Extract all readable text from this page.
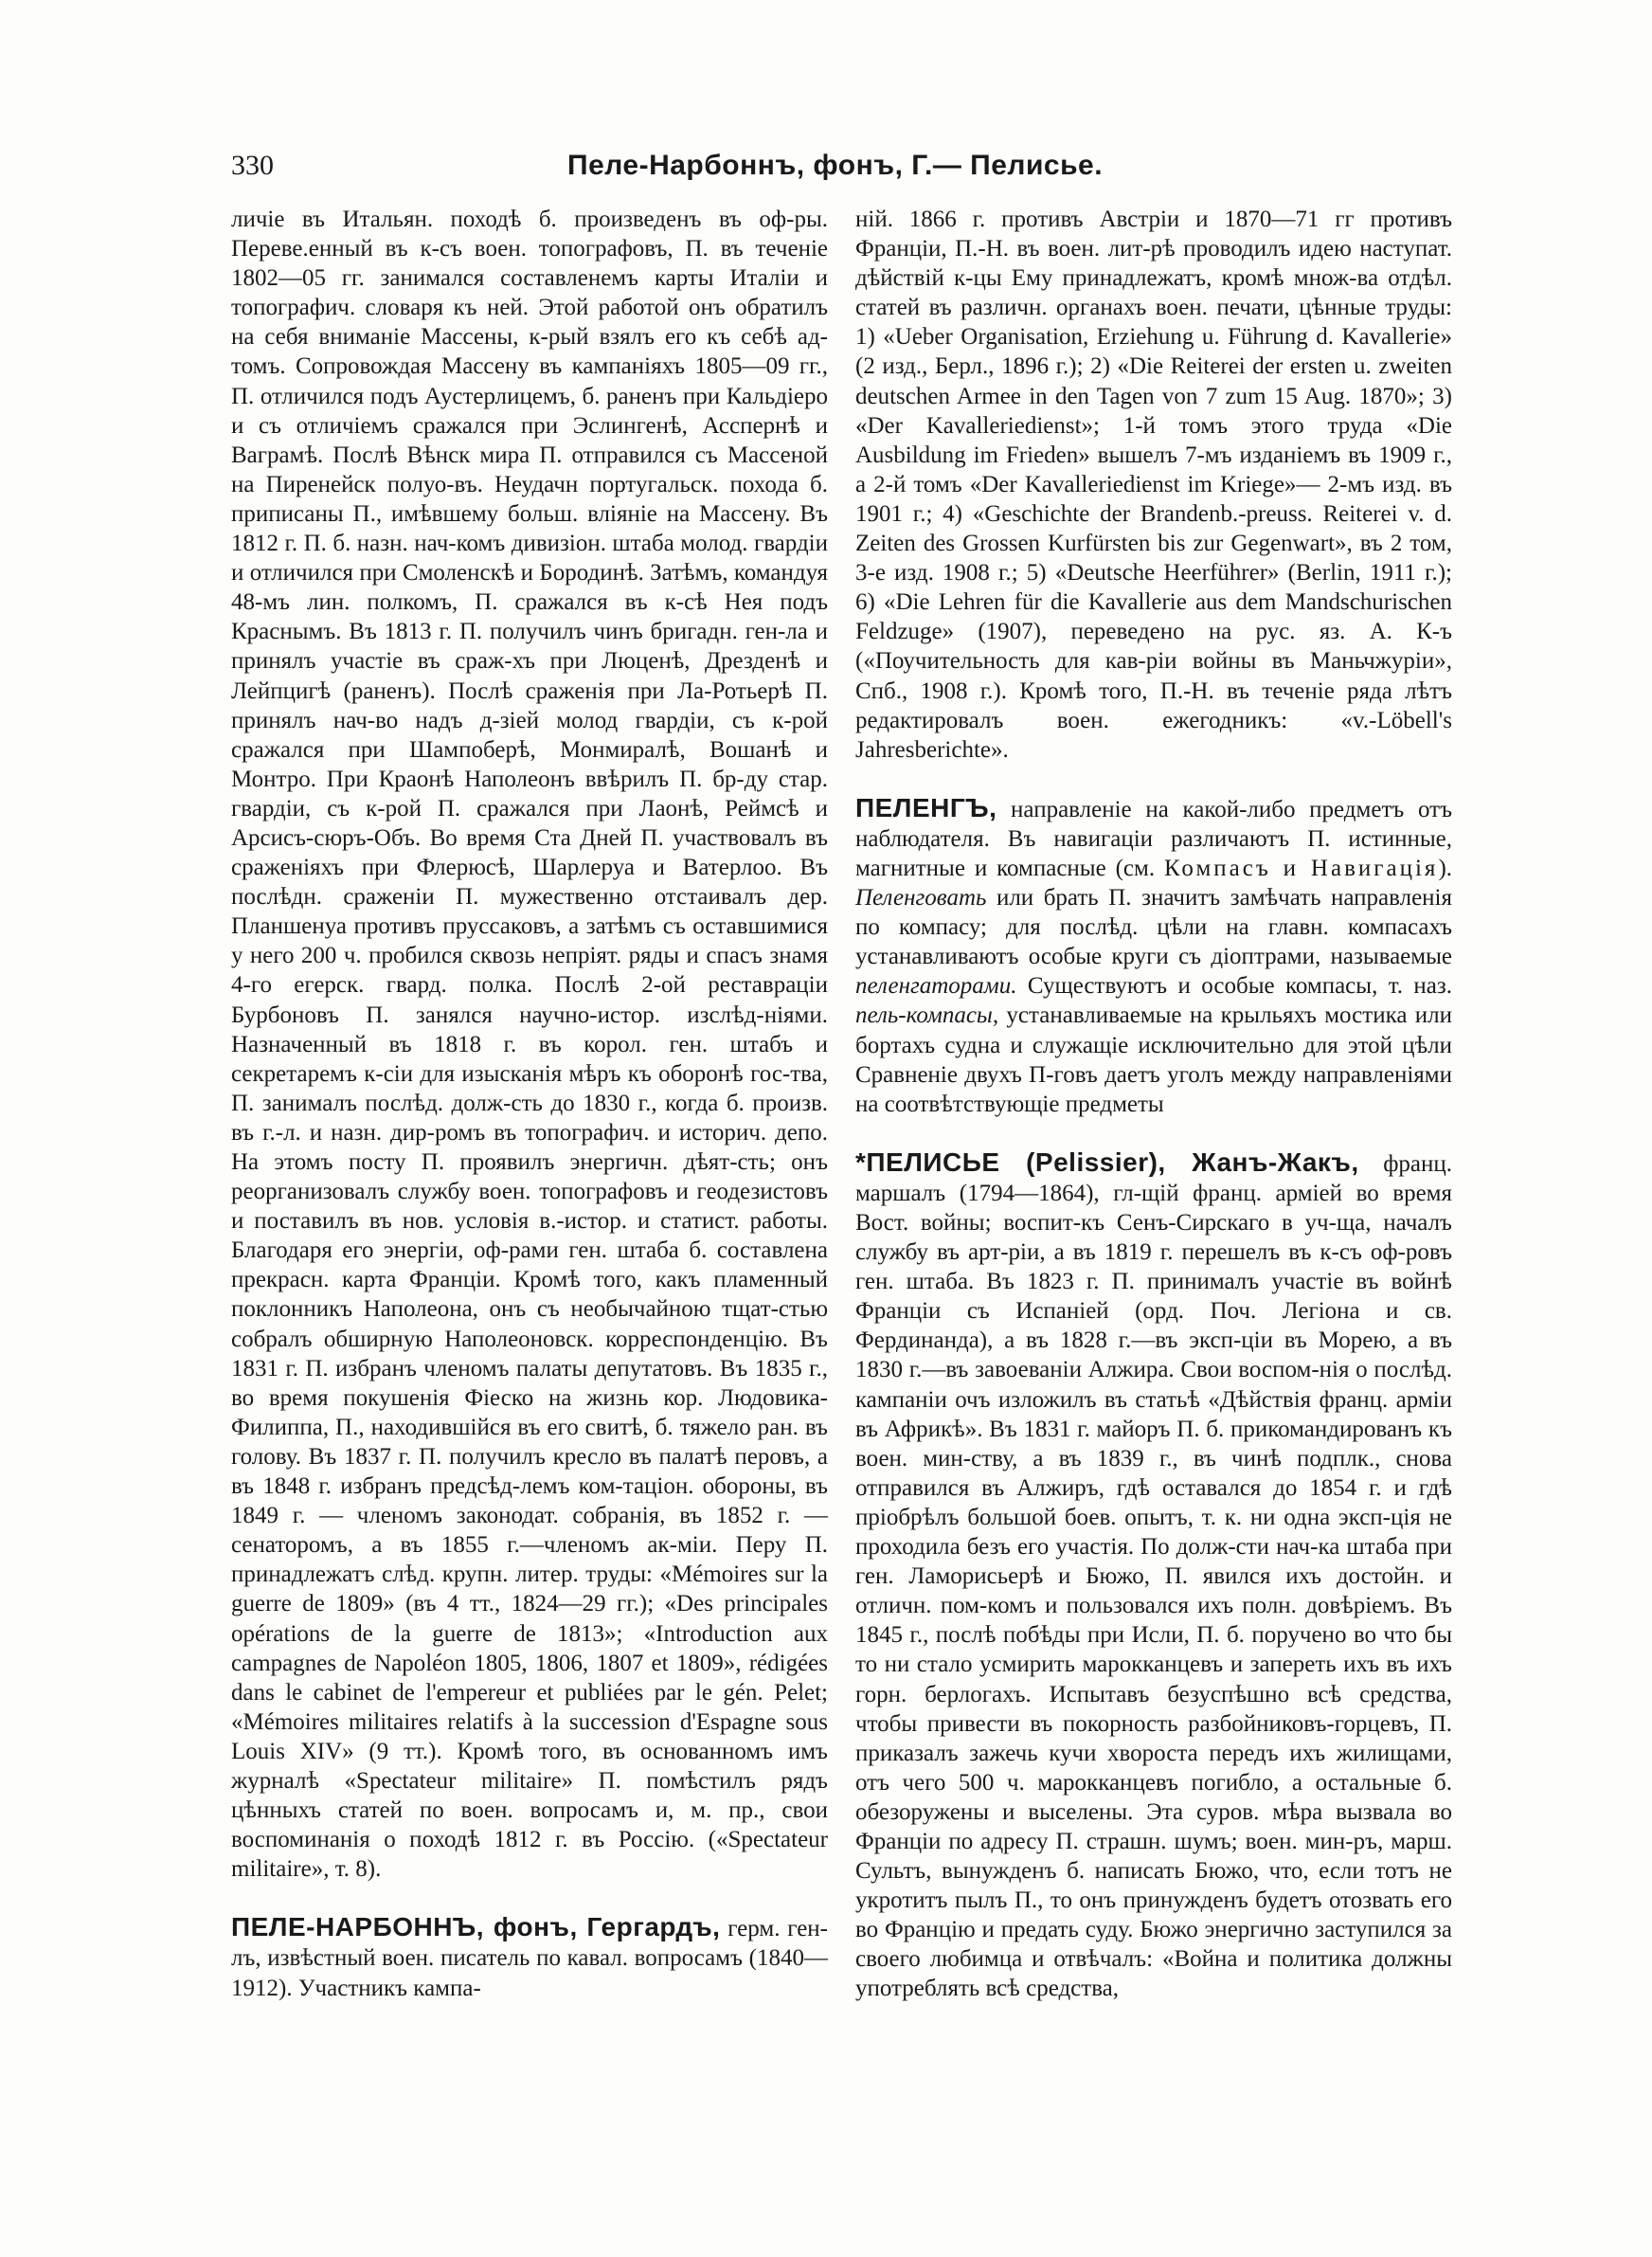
330	Пеле-Нарбоннъ, фонъ, Г.— Пелисье.

личіе въ Итальян. походѣ б. произведенъ въ оф-ры. Переве.енный въ к-съ воен. топографовъ, П. въ теченіе 1802—05 гг. занимался составленемъ карты Италіи и топографич. словаря къ ней. Этой работой онъ обратилъ на себя вниманіе Массены, к-рый взялъ его къ себѣ ад-томъ. Сопровождая Массену въ кампаніяхъ 1805—09 гг., П. отличился подъ Аустерлицемъ, б. раненъ при Кальдіеро и съ отличіемъ сражался при Эслингенѣ, Асспернѣ и Ваграмѣ. Послѣ Вѣнск мира П. отправился съ Массеной на Пиренейск полуо-въ. Неудачн португальск. похода б. приписаны П., имѣвшему больш. вліяніе на Массену. Въ 1812 г. П. б. назн. нач-комъ дивизіон. штаба молод. гвардіи и отличился при Смоленскѣ и Бородинѣ. Затѣмъ, командуя 48-мъ лин. полкомъ, П. сражался въ к-сѣ Нея подъ Краснымъ. Въ 1813 г. П. получилъ чинъ бригадн. ген-ла и принялъ участіе въ сраж-хъ при Люценѣ, Дрезденѣ и Лейпцигѣ (раненъ). Послѣ сраженія при Ла-Ротьерѣ П. принялъ нач-во надъ д-зіей молод гвардіи, съ к-рой сражался при Шампоберѣ, Монмиралѣ, Вошанѣ и Монтро. При Краонѣ Наполеонъ ввѣрилъ П. бр-ду стар. гвардіи, съ к-рой П. сражался при Лаонѣ, Реймсѣ и Арсисъ-сюръ-Объ. Во время Ста Дней П. участвовалъ въ сраженіяхъ при Флерюсѣ, Шарлеруа и Ватерлоо. Въ послѣдн. сраженіи П. мужественно отстаивалъ дер. Планшенуа противъ пруссаковъ, а затѣмъ съ оставшимися у него 200 ч. пробился сквозь непріят. ряды и спасъ знамя 4-го егерск. гвард. полка. Послѣ 2-ой реставраціи Бурбоновъ П. занялся научно-истор. изслѣд-ніями. Назначенный въ 1818 г. въ корол. ген. штабъ и секретаремъ к-сіи для изысканія мѣръ къ оборонѣ гос-тва, П. занималъ послѣд. долж-сть до 1830 г., когда б. произв. въ г.-л. и назн. дир-ромъ въ топографич. и историч. депо. На этомъ посту П. проявилъ энергичн. дѣят-сть; онъ реорганизовалъ службу воен. топографовъ и геодезистовъ и поставилъ въ нов. условія в.-истор. и статист. работы. Благодаря его энергіи, оф-рами ген. штаба б. составлена прекрасн. карта Франціи. Кромѣ того, какъ пламенный поклонникъ Наполеона, онъ съ необычайною тщат-стью собралъ обширную Наполеоновск. корреспонденцію. Въ 1831 г. П. избранъ членомъ палаты депутатовъ. Въ 1835 г., во время покушенія Фіеско на жизнь кор. Людовика-Филиппа, П., находившійся въ его свитѣ, б. тяжело ран. въ голову. Въ 1837 г. П. получилъ кресло въ палатѣ перовъ, а въ 1848 г. избранъ предсѣд-лемъ ком-таціон. обороны, въ 1849 г. — членомъ законодат. собранія, въ 1852 г. — сенаторомъ, а въ 1855 г.—членомъ ак-міи. Перу П. принадлежатъ слѣд. крупн. литер. труды: «Mémoires sur la guerre de 1809» (въ 4 тт., 1824—29 гг.); «Des principales opérations de la guerre de 1813»; «Introduction aux campagnes de Napoléon 1805, 1806, 1807 et 1809», rédigées dans le cabinet de l'empereur et publiées par le gén. Pelet; «Mémoires militaires relatifs à la succession d'Espagne sous Louis XIV» (9 тт.). Кромѣ того, въ основанномъ имъ журналѣ «Spectateur militaire» П. помѣстилъ рядъ цѣнныхъ статей по воен. вопросамъ и, м. пр., свои воспоминанія о походѣ 1812 г. въ Россію. («Spectateur militaire», т. 8).

ПЕЛЕ-НАРБОННЪ, фонъ, Гергардъ, герм. ген-лъ, извѣстный воен. писатель по кавал. вопросамъ (1840—1912). Участникъ кампа-

ній. 1866 г. противъ Австріи и 1870—71 гг противъ Франціи, П.-Н. въ воен. лит-рѣ проводилъ идею наступат. дѣйствій к-цы Ему принадлежатъ, кромѣ множ-ва отдѣл. статей въ различн. органахъ воен. печати, цѣнные труды: 1) «Ueber Organisation, Erziehung u. Führung d. Kavallerie» (2 изд., Берл., 1896 г.); 2) «Die Reiterei der ersten u. zweiten deutschen Armee in den Tagen von 7 zum 15 Aug. 1870»; 3) «Der Kavalleriedienst»; 1-й томъ этого труда «Die Ausbildung im Frieden» вышелъ 7-мъ изданіемъ въ 1909 г., а 2-й томъ «Der Kavalleriedienst im Kriege»— 2-мъ изд. въ 1901 г.; 4) «Geschichte der Brandenb.-preuss. Reiterei v. d. Zeiten des Grossen Kurfürsten bis zur Gegenwart», въ 2 том, 3-е изд. 1908 г.; 5) «Deutsche Heerführer» (Berlin, 1911 г.); 6) «Die Lehren für die Kavallerie aus dem Mandschurischen Feldzuge» (1907), переведено на рус. яз. А. К-ъ («Поучительность для кав-ріи войны въ Маньчжуріи», Спб., 1908 г.). Кромѣ того, П.-Н. въ теченіе ряда лѣтъ редактировалъ воен. ежегодникъ: «v.-Löbell's Jahresberichte».

ПЕЛЕНГЪ, направленіе на какой-либо предметъ отъ наблюдателя. Въ навигаціи различаютъ П. истинные, магнитные и компасные (см. Компасъ и Навигація). Пеленговать или брать П. значитъ замѣчать направленія по компасу; для послѣд. цѣли на главн. компасахъ устанавливаютъ особые круги съ діоптрами, называемые пеленгаторами. Существуютъ и особые компасы, т. наз. пель-компасы, устанавливаемые на крыльяхъ мостика или бортахъ судна и служащіе исключительно для этой цѣли Сравненіе двухъ П-говъ даетъ уголъ между направленіями на соотвѣтствующіе предметы

*ПЕЛИСЬЕ (Pelissier), Жанъ-Жакъ, франц. маршалъ (1794—1864), гл-щій франц. арміей во время Вост. войны; воспит-къ Сенъ-Сирскаго в уч-ща, началъ службу въ арт-ріи, а въ 1819 г. перешелъ въ к-съ оф-ровъ ген. штаба. Въ 1823 г. П. принималъ участіе въ войнѣ Франціи съ Испаніей (орд. Поч. Легіона и св. Фердинанда), а въ 1828 г.—въ эксп-ціи въ Морею, а въ 1830 г.—въ завоеваніи Алжира. Свои воспом-нія о послѣд. кампаніи очъ изложилъ въ статьѣ «Дѣйствія франц. арміи въ Африкѣ». Въ 1831 г. майоръ П. б. прикомандированъ къ воен. мин-ству, а въ 1839 г., въ чинѣ подплк., снова отправился въ Алжиръ, гдѣ оставался до 1854 г. и гдѣ пріобрѣлъ большой боев. опытъ, т. к. ни одна эксп-ція не проходила безъ его участія. По долж-сти нач-ка штаба при ген. Ламорисьерѣ и Бюжо, П. явился ихъ достойн. и отличн. пом-комъ и пользовался ихъ полн. довѣріемъ. Въ 1845 г., послѣ побѣды при Исли, П. б. поручено во что бы то ни стало усмирить марокканцевъ и запереть ихъ въ ихъ горн. берлогахъ. Испытавъ безуспѣшно всѣ средства, чтобы привести въ покорность разбойниковъ-горцевъ, П. приказалъ зажечь кучи хвороста передъ ихъ жилищами, отъ чего 500 ч. марокканцевъ погибло, а остальные б. обезоружены и выселены. Эта суров. мѣра вызвала во Франціи по адресу П. страшн. шумъ; воен. мин-ръ, марш. Сультъ, вынужденъ б. написать Бюжо, что, если тотъ не укротитъ пылъ П., то онъ принужденъ будетъ отозвать его во Францію и предать суду. Бюжо энергично заступился за своего любимца и отвѣчалъ: «Война и политика должны употреблять всѣ средства,
